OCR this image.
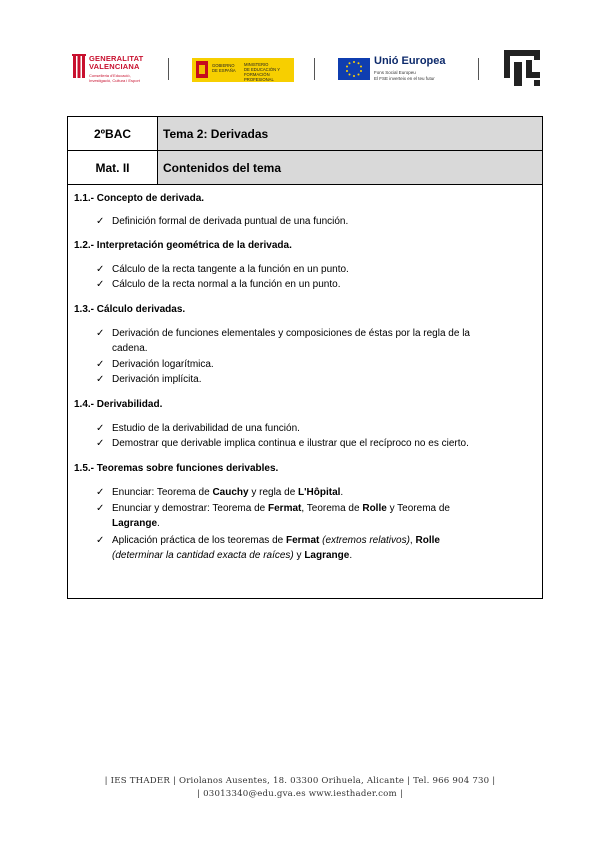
GENERALITAT
VALENCIANA
Conselleria d'Educació,
Investigació, Cultura i Esport
GOBIERNO
DE ESPAÑA
MINISTERIO
DE EDUCACIÓN Y
FORMACIÓN PROFESIONAL
Unió Europea
Fons Social Europeu
El FSE inverteix en el teu futur
2ºBAC	Tema 2: Derivadas
Mat. II	Contenidos del tema
1.1.- Concepto de derivada.
✓ Definición formal de derivada puntual de una función.
1.2.- Interpretación geométrica de la derivada.
✓ Cálculo de la recta tangente a la función en un punto.
✓ Cálculo de la recta normal a la función en un punto.
1.3.- Cálculo derivadas.
✓ Derivación de funciones elementales y composiciones de éstas por la regla de la
cadena.
✓ Derivación logarítmica.
✓ Derivación implícita.
1.4.- Derivabilidad.
✓ Estudio de la derivabilidad de una función.
✓ Demostrar que derivable implica continua e ilustrar que el recíproco no es cierto.
1.5.- Teoremas sobre funciones derivables.
✓ Enunciar: Teorema de Cauchy y regla de L'Hôpital.
✓ Enunciar y demostrar: Teorema de Fermat, Teorema de Rolle y Teorema de
Lagrange.
✓ Aplicación práctica de los teoremas de Fermat (extremos relativos), Rolle
(determinar la cantidad exacta de raíces) y Lagrange.
| IES THADER | Oriolanos Ausentes, 18. 03300 Orihuela, Alicante | Tel. 966 904 730 |
| 03013340@edu.gva.es www.iesthader.com |
